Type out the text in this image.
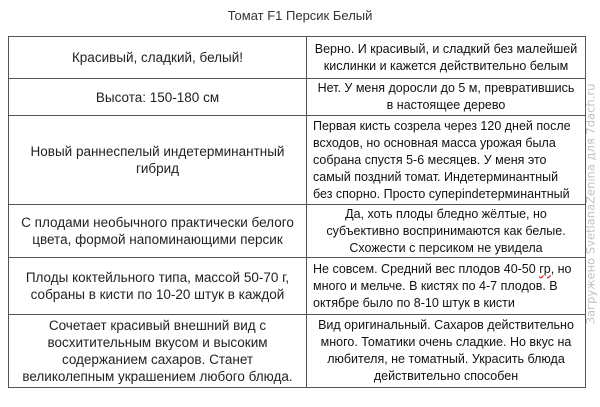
Томат F1 Персик Белый
Красивый, сладкий, белый!	Верно. И красивый, и сладкий без малейшей кислинки и кажется действительно белым
Высота: 150-180 см	Нет. У меня доросли до 5 м, превратившись в настоящее дерево
Новый раннеспелый индетерминантный гибрид	Первая кисть созрела через 120 дней после всходов, но основная масса урожая была собрана спустя 5-6 месяцев. У меня это самый поздний томат. Индетерминантный без спорно. Просто суперindетерминантный
С плодами необычного практически белого цвета, формой напоминающими персик	Да, хоть плоды бледно жёлтые, но субъективно воспринимаются как белые. Схожести с персиком не увидела
Плоды коктейльного типа, массой 50-70 г, собраны в кисти по 10-20 штук в каждой	Не совсем. Средний вес плодов 40-50 гр, но много и мельче. В кистях по 4-7 плодов. В октябре было по 8-10 штук в кисти
Сочетает красивый внешний вид с восхитительным вкусом и высоким содержанием сахаров. Станет великолепным украшением любого блюда.	Вид оригинальный. Сахаров действительно много. Томатики очень сладкие. Но вкус на любителя, не томатный. Украсить блюда действительно способен
Загружено SvetlanaZenina для 7dach.ru
